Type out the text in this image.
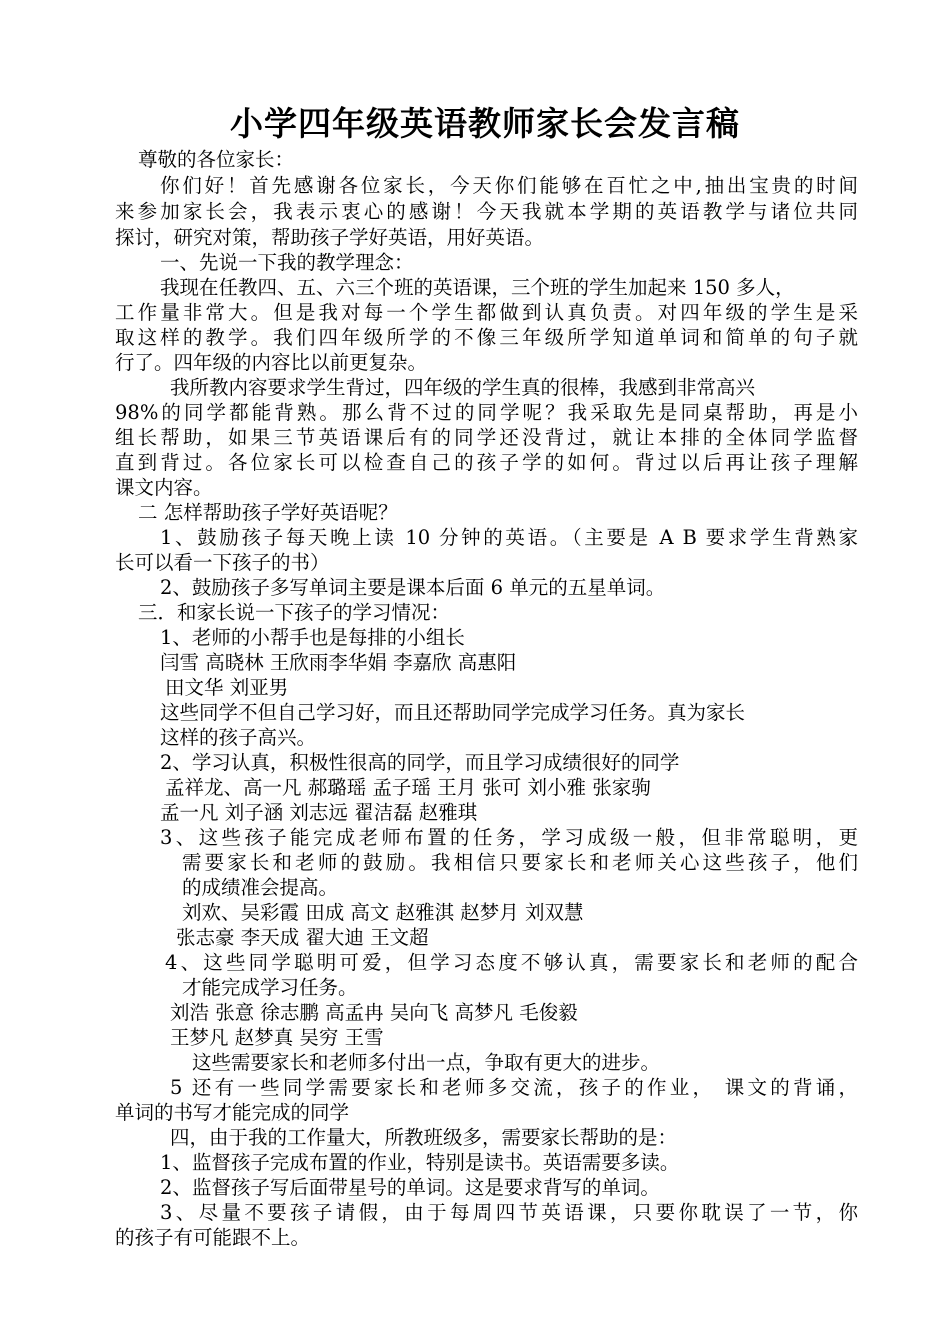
小学四年级英语教师家长会发言稿
尊敬的各位家长：
你们好！首先感谢各位家长，今天你们能够在百忙之中,抽出宝贵的时间
来参加家长会，我表示衷心的感谢！今天我就本学期的英语教学与诸位共同
探讨，研究对策，帮助孩子学好英语，用好英语。
一、先说一下我的教学理念：
我现在任教四、五、六三个班的英语课，三个班的学生加起来 150 多人，
工作量非常大。但是我对每一个学生都做到认真负责。对四年级的学生是采
取这样的教学。我们四年级所学的不像三年级所学知道单词和简单的句子就
行了。四年级的内容比以前更复杂。
我所教内容要求学生背过，四年级的学生真的很棒，我感到非常高兴
98%的同学都能背熟。那么背不过的同学呢？我采取先是同桌帮助，再是小
组长帮助，如果三节英语课后有的同学还没背过，就让本排的全体同学监督
直到背过。各位家长可以检查自己的孩子学的如何。背过以后再让孩子理解
课文内容。
二 怎样帮助孩子学好英语呢？
1、鼓励孩子每天晚上读 10 分钟的英语。（主要是 A B 要求学生背熟家
长可以看一下孩子的书）
2、鼓励孩子多写单词主要是课本后面 6 单元的五星单词。
三．和家长说一下孩子的学习情况：
1、老师的小帮手也是每排的小组长
闫雪 高晓林 王欣雨李华娟 李嘉欣 高惠阳
田文华 刘亚男
这些同学不但自己学习好，而且还帮助同学完成学习任务。真为家长
这样的孩子高兴。
2、学习认真，积极性很高的同学，而且学习成绩很好的同学
孟祥龙、高一凡 郝璐瑶 孟子瑶 王月 张可 刘小雅 张家驹
孟一凡 刘子涵 刘志远 翟洁磊 赵雅琪
3、这些孩子能完成老师布置的任务，学习成级一般，但非常聪明，更
需要家长和老师的鼓励。我相信只要家长和老师关心这些孩子，他们
的成绩准会提高。
刘欢、吴彩霞 田成 高文 赵雅淇 赵梦月 刘双慧
张志豪 李天成 翟大迪 王文超
4、这些同学聪明可爱，但学习态度不够认真，需要家长和老师的配合
才能完成学习任务。
刘浩 张意 徐志鹏 高孟冉 吴向飞 高梦凡 毛俊毅
王梦凡 赵梦真 吴穷 王雪
这些需要家长和老师多付出一点，争取有更大的进步。
5 还有一些同学需要家长和老师多交流，孩子的作业， 课文的背诵，
单词的书写才能完成的同学
四，由于我的工作量大，所教班级多，需要家长帮助的是：
1、监督孩子完成布置的作业，特别是读书。英语需要多读。
2、监督孩子写后面带星号的单词。这是要求背写的单词。
3、尽量不要孩子请假，由于每周四节英语课，只要你耽误了一节，你
的孩子有可能跟不上。
